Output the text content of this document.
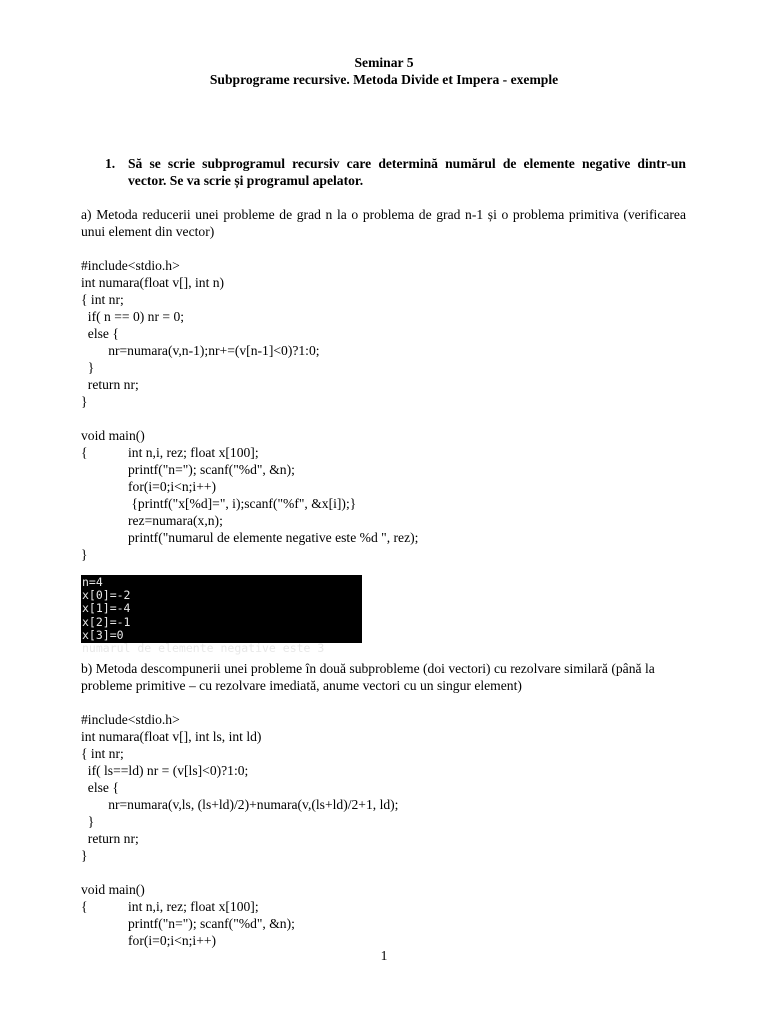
Seminar 5

Subprograme recursive. Metoda Divide et Impera - exemple

1. Să se scrie subprogramul recursiv care determină numărul de elemente negative dintr-un vector. Se va scrie și programul apelator.
a) Metoda reducerii unei probleme de grad n la o problema de grad n-1 și o problema primitiva (verificarea unui element din vector)

#include<stdio.h>

int numara(float v[], int n)

{ int nr;

if( n == 0) nr = 0;

else {

nr=numara(v,n-1);nr+=(v[n-1]<0)?1:0;

}

return nr;

}

void main()

{	int n,i, rez; float x[100];

printf("n="); scanf("%d", &n);

for(i=0;i<n;i++)

{printf("x[%d]=", i);scanf("%f", &x[i]);}

rez=numara(x,n);

printf("numarul de elemente negative este %d ", rez);

}

n=4
x[0]=-2
x[1]=-4
x[2]=-1
x[3]=0
numarul de elemente negative este 3
b) Metoda descompunerii unei probleme în două subprobleme (doi vectori) cu rezolvare similară (până la probleme primitive – cu rezolvare imediată, anume vectori cu un singur element)

#include<stdio.h>

int numara(float v[], int ls, int ld)

{ int nr;

if( ls==ld) nr = (v[ls]<0)?1:0;

else {

nr=numara(v,ls, (ls+ld)/2)+numara(v,(ls+ld)/2+1, ld);

}

return nr;

}

void main()

{	int n,i, rez; float x[100];

printf("n="); scanf("%d", &n);

for(i=0;i<n;i++)

1
